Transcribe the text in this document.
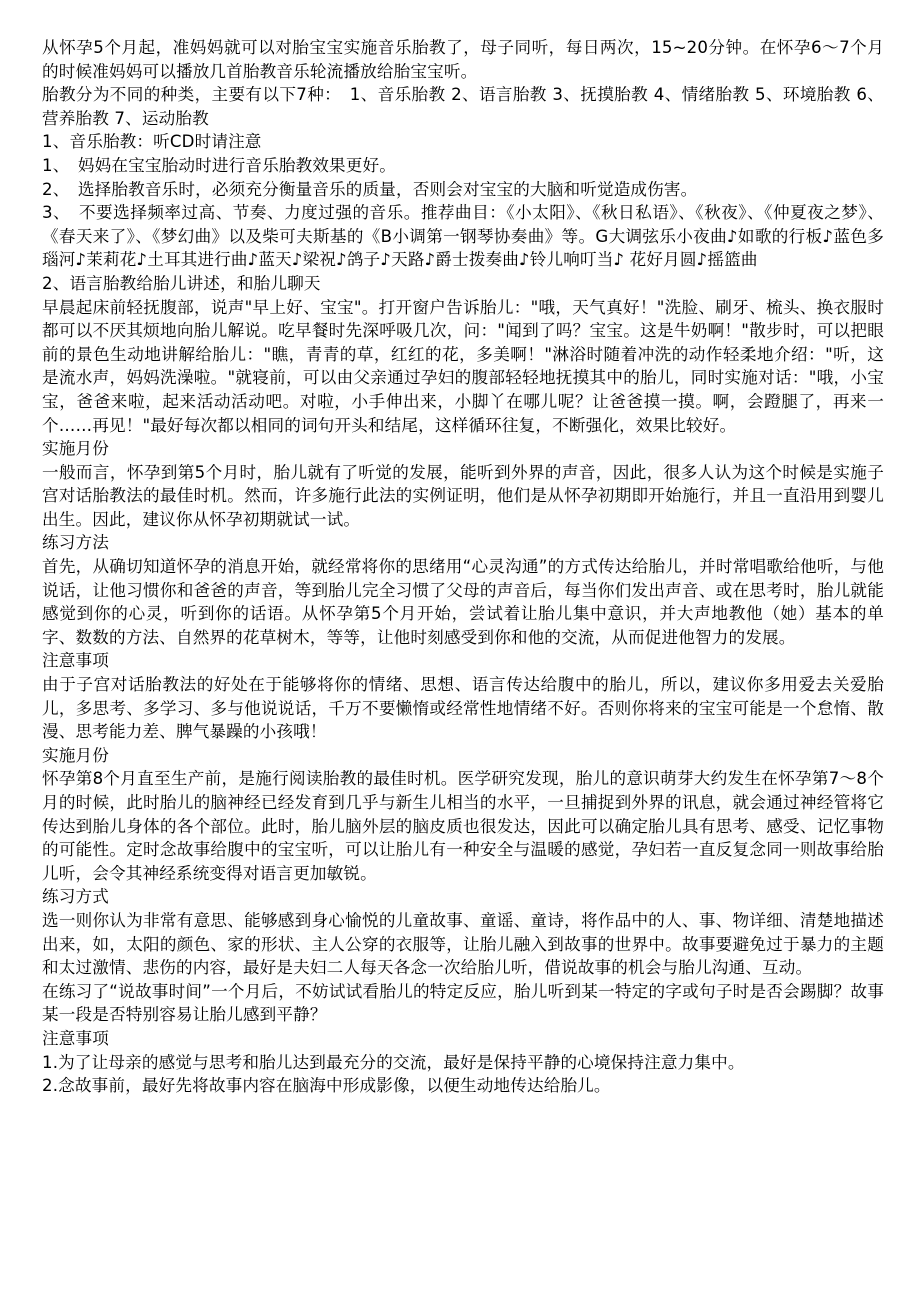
从怀孕5个月起，准妈妈就可以对胎宝宝实施音乐胎教了，母子同听，每日两次，15~20分钟。在怀孕6～7个月的时候准妈妈可以播放几首胎教音乐轮流播放给胎宝宝听。

胎教分为不同的种类，主要有以下7种：　1、音乐胎教 2、语言胎教 3、抚摸胎教 4、情绪胎教 5、环境胎教 6、营养胎教 7、运动胎教

1、音乐胎教：听CD时请注意

1、　妈妈在宝宝胎动时进行音乐胎教效果更好。

2、　选择胎教音乐时，必须充分衡量音乐的质量，否则会对宝宝的大脑和听觉造成伤害。

3、　不要选择频率过高、节奏、力度过强的音乐。推荐曲目：《小太阳》、《秋日私语》、《秋夜》、《仲夏夜之梦》、《春天来了》、《梦幻曲》以及柴可夫斯基的《B小调第一钢琴协奏曲》等。G大调弦乐小夜曲♪如歌的行板♪蓝色多瑙河♪茉莉花♪土耳其进行曲♪蓝天♪梁祝♪鸽子♪天路♪爵士拨奏曲♪铃儿响叮当♪ 花好月圆♪摇篮曲

2、语言胎教给胎儿讲述，和胎儿聊天

早晨起床前轻抚腹部，说声"早上好、宝宝"。打开窗户告诉胎儿："哦，天气真好！"洗脸、刷牙、梳头、换衣服时都可以不厌其烦地向胎儿解说。吃早餐时先深呼吸几次，问："闻到了吗？宝宝。这是牛奶啊！"散步时，可以把眼前的景色生动地讲解给胎儿："瞧，青青的草，红红的花，多美啊！"淋浴时随着冲洗的动作轻柔地介绍："听，这是流水声，妈妈洗澡啦。"就寝前，可以由父亲通过孕妇的腹部轻轻地抚摸其中的胎儿，同时实施对话："哦，小宝宝，爸爸来啦，起来活动活动吧。对啦，小手伸出来，小脚丫在哪儿呢？让爸爸摸一摸。啊，会蹬腿了，再来一个……再见！"最好每次都以相同的词句开头和结尾，这样循环往复，不断强化，效果比较好。

实施月份

一般而言，怀孕到第5个月时，胎儿就有了听觉的发展，能听到外界的声音，因此，很多人认为这个时候是实施子宫对话胎教法的最佳时机。然而，许多施行此法的实例证明，他们是从怀孕初期即开始施行，并且一直沿用到婴儿出生。因此，建议你从怀孕初期就试一试。

练习方法

首先，从确切知道怀孕的消息开始，就经常将你的思绪用“心灵沟通”的方式传达给胎儿，并时常唱歌给他听，与他说话，让他习惯你和爸爸的声音，等到胎儿完全习惯了父母的声音后，每当你们发出声音、或在思考时，胎儿就能感觉到你的心灵，听到你的话语。从怀孕第5个月开始，尝试着让胎儿集中意识，并大声地教他（她）基本的单字、数数的方法、自然界的花草树木，等等，让他时刻感受到你和他的交流，从而促进他智力的发展。

注意事项

由于子宫对话胎教法的好处在于能够将你的情绪、思想、语言传达给腹中的胎儿，所以，建议你多用爱去关爱胎儿，多思考、多学习、多与他说说话，千万不要懒惰或经常性地情绪不好。否则你将来的宝宝可能是一个怠惰、散漫、思考能力差、脾气暴躁的小孩哦！

实施月份

怀孕第8个月直至生产前，是施行阅读胎教的最佳时机。医学研究发现，胎儿的意识萌芽大约发生在怀孕第7～8个月的时候，此时胎儿的脑神经已经发育到几乎与新生儿相当的水平，一旦捕捉到外界的讯息，就会通过神经管将它传达到胎儿身体的各个部位。此时，胎儿脑外层的脑皮质也很发达，因此可以确定胎儿具有思考、感受、记忆事物的可能性。定时念故事给腹中的宝宝听，可以让胎儿有一种安全与温暖的感觉，孕妇若一直反复念同一则故事给胎儿听，会令其神经系统变得对语言更加敏锐。

练习方式

选一则你认为非常有意思、能够感到身心愉悦的儿童故事、童谣、童诗，将作品中的人、事、物详细、清楚地描述出来，如，太阳的颜色、家的形状、主人公穿的衣服等，让胎儿融入到故事的世界中。故事要避免过于暴力的主题和太过激情、悲伤的内容，最好是夫妇二人每天各念一次给胎儿听，借说故事的机会与胎儿沟通、互动。

在练习了“说故事时间”一个月后，不妨试试看胎儿的特定反应，胎儿听到某一特定的字或句子时是否会踢脚？故事某一段是否特别容易让胎儿感到平静？

注意事项

1.为了让母亲的感觉与思考和胎儿达到最充分的交流，最好是保持平静的心境保持注意力集中。

2.念故事前，最好先将故事内容在脑海中形成影像，以便生动地传达给胎儿。
